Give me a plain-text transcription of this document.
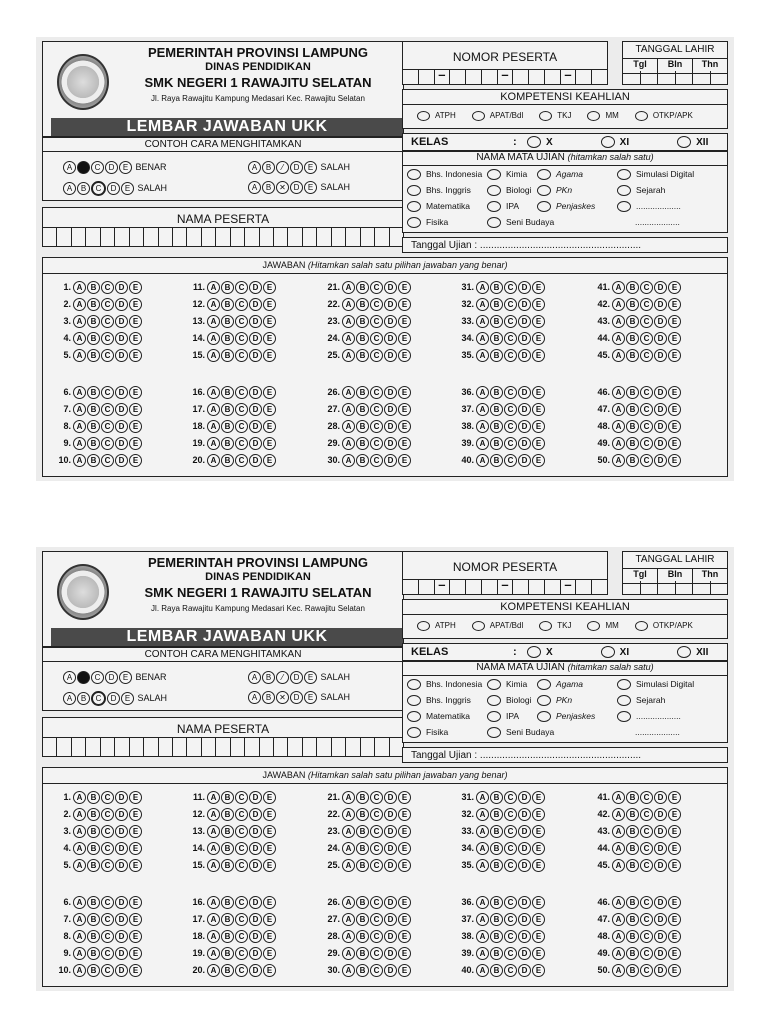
PEMERINTAH PROVINSI LAMPUNG
DINAS PENDIDIKAN
SMK NEGERI 1 RAWAJITU SELATAN
Jl. Raya Rawajitu Kampung Medasari Kec. Rawajitu Selatan
LEMBAR JAWABAN UKK
CONTOH CARA MENGHITAMKAN
A B C D E BENAR
A B C D E SALAH
A B ⁄ D E SALAH
A B ✕ D E SALAH
NAMA PESERTA
NOMOR PESERTA
–
–
–
TANGGAL LAHIR
Tgl	Bln	Thn
KOMPETENSI KEAHLIAN
ATPH	APAT/Bdl	TKJ	MM	OTKP/APK
KELAS	:	X	XI	XII
NAMA MATA UJIAN (hitamkan salah satu)
Bhs. Indonesia
Bhs. Inggris
Matematika
Fisika
Kimia
Biologi
IPA
Seni Budaya
Agama
PKn
Penjaskes
Simulasi Digital
Sejarah
...................
...................
Tanggal Ujian : ..........................................................
JAWABAN (Hitamkan salah satu pilihan jawaban yang benar)
1. A B C D E
2. A B C D E
3. A B C D E
4. A B C D E
5. A B C D E
6. A B C D E
7. A B C D E
8. A B C D E
9. A B C D E
10. A B C D E
11. A B C D E
12. A B C D E
13. A B C D E
14. A B C D E
15. A B C D E
16. A B C D E
17. A B C D E
18. A B C D E
19. A B C D E
20. A B C D E
21. A B C D E
22. A B C D E
23. A B C D E
24. A B C D E
25. A B C D E
26. A B C D E
27. A B C D E
28. A B C D E
29. A B C D E
30. A B C D E
31. A B C D E
32. A B C D E
33. A B C D E
34. A B C D E
35. A B C D E
36. A B C D E
37. A B C D E
38. A B C D E
39. A B C D E
40. A B C D E
41. A B C D E
42. A B C D E
43. A B C D E
44. A B C D E
45. A B C D E
46. A B C D E
47. A B C D E
48. A B C D E
49. A B C D E
50. A B C D E
PEMERINTAH PROVINSI LAMPUNG
DINAS PENDIDIKAN
SMK NEGERI 1 RAWAJITU SELATAN
Jl. Raya Rawajitu Kampung Medasari Kec. Rawajitu Selatan
LEMBAR JAWABAN UKK
CONTOH CARA MENGHITAMKAN
A B C D E BENAR
A B C D E SALAH
A B ⁄ D E SALAH
A B ✕ D E SALAH
NAMA PESERTA
NOMOR PESERTA
–
–
–
TANGGAL LAHIR
Tgl	Bln	Thn
KOMPETENSI KEAHLIAN
ATPH	APAT/Bdl	TKJ	MM	OTKP/APK
KELAS	:	X	XI	XII
NAMA MATA UJIAN (hitamkan salah satu)
Bhs. Indonesia
Bhs. Inggris
Matematika
Fisika
Kimia
Biologi
IPA
Seni Budaya
Agama
PKn
Penjaskes
Simulasi Digital
Sejarah
...................
...................
Tanggal Ujian : ..........................................................
JAWABAN (Hitamkan salah satu pilihan jawaban yang benar)
1. A B C D E
2. A B C D E
3. A B C D E
4. A B C D E
5. A B C D E
6. A B C D E
7. A B C D E
8. A B C D E
9. A B C D E
10. A B C D E
11. A B C D E
12. A B C D E
13. A B C D E
14. A B C D E
15. A B C D E
16. A B C D E
17. A B C D E
18. A B C D E
19. A B C D E
20. A B C D E
21. A B C D E
22. A B C D E
23. A B C D E
24. A B C D E
25. A B C D E
26. A B C D E
27. A B C D E
28. A B C D E
29. A B C D E
30. A B C D E
31. A B C D E
32. A B C D E
33. A B C D E
34. A B C D E
35. A B C D E
36. A B C D E
37. A B C D E
38. A B C D E
39. A B C D E
40. A B C D E
41. A B C D E
42. A B C D E
43. A B C D E
44. A B C D E
45. A B C D E
46. A B C D E
47. A B C D E
48. A B C D E
49. A B C D E
50. A B C D E
